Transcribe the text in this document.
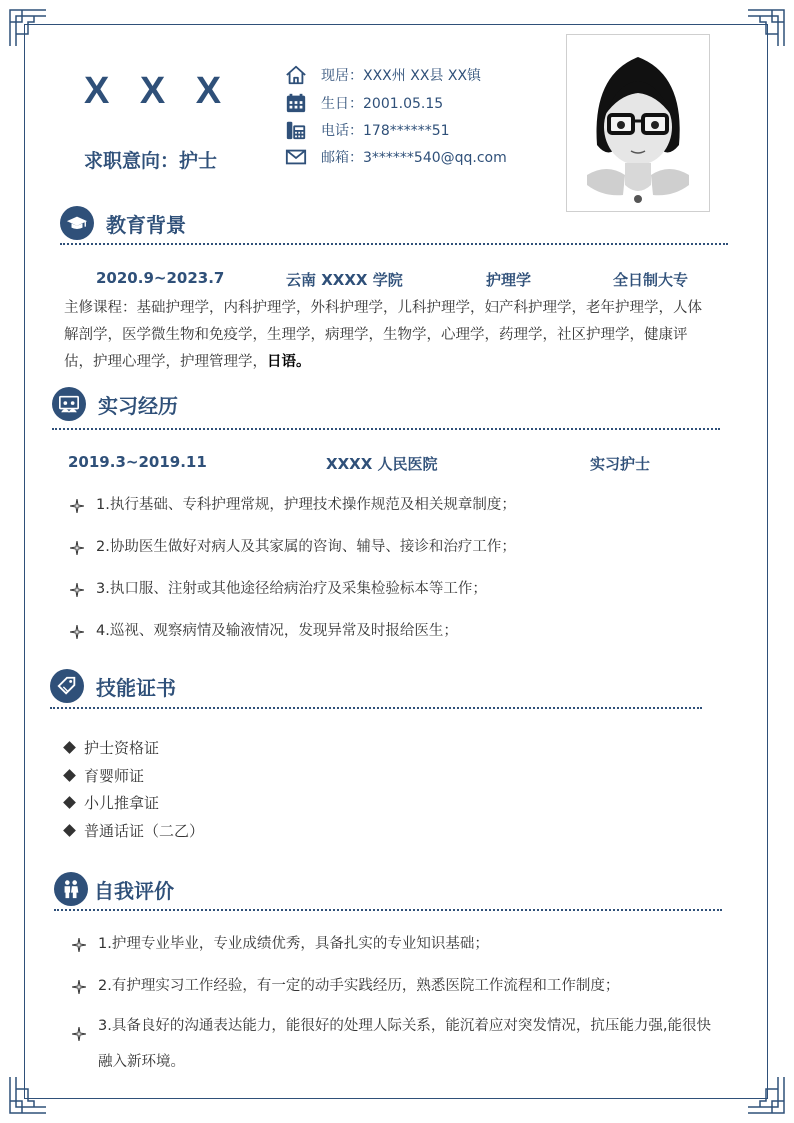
X X X
求职意向：护士
现居：XXX州 XX县 XX镇
生日：2001.05.15
电话：178******51
邮箱：3******540@qq.com
教育背景
2020.9~2023.7	云南 XXXX 学院	护理学	全日制大专
主修课程：基础护理学，内科护理学，外科护理学，儿科护理学，妇产科护理学，老年护理学，人体解剖学，医学微生物和免疫学，生理学，病理学，生物学，心理学，药理学，社区护理学，健康评估，护理心理学，护理管理学，日语。
实习经历
2019.3~2019.11	XXXX 人民医院	实习护士
1.执行基础、专科护理常规，护理技术操作规范及相关规章制度；
2.协助医生做好对病人及其家属的咨询、辅导、接诊和治疗工作；
3.执口服、注射或其他途径给病治疗及采集检验标本等工作；
4.巡视、观察病情及输液情况，发现异常及时报给医生；
技能证书
护士资格证
育婴师证
小儿推拿证
普通话证（二乙）
自我评价
1.护理专业毕业，专业成绩优秀，具备扎实的专业知识基础；
2.有护理实习工作经验，有一定的动手实践经历，熟悉医院工作流程和工作制度；
3.具备良好的沟通表达能力，能很好的处理人际关系，能沉着应对突发情况，抗压能力强,能很快融入新环境。
